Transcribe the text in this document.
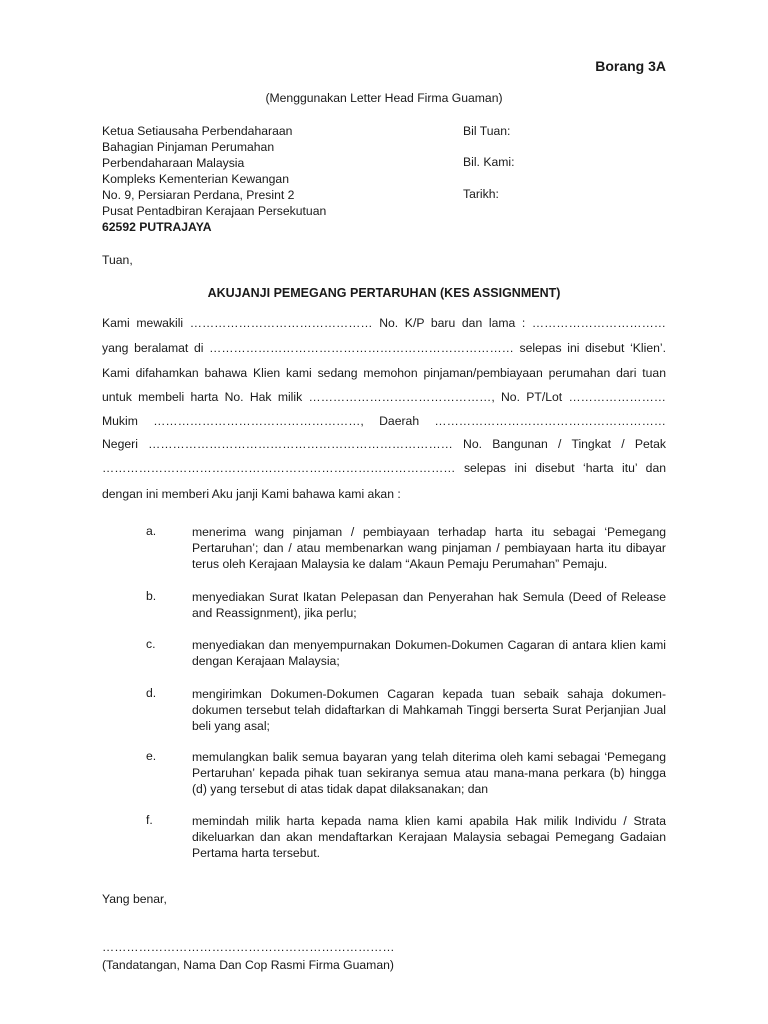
Borang 3A
(Menggunakan Letter Head Firma Guaman)
Ketua Setiausaha Perbendaharaan
Bahagian Pinjaman Perumahan
Perbendaharaan Malaysia
Kompleks Kementerian Kewangan
No. 9, Persiaran Perdana, Presint 2
Pusat Pentadbiran Kerajaan Persekutuan
62592 PUTRAJAYA
Bil Tuan:
Bil. Kami:
Tarikh:
Tuan,
AKUJANJI PEMEGANG PERTARUHAN (KES ASSIGNMENT)
Kami mewakili ……………………………………… No. K/P baru dan lama : ……………………………
yang beralamat di ………………………………………………………………… selepas ini disebut ‘Klien’.
Kami difahamkan bahawa Klien kami sedang memohon pinjaman/pembiayaan perumahan dari tuan
untuk membeli harta No. Hak milik ………………………………………, No. PT/Lot ……………………
Mukim ……………………………………………, Daerah …………………………………………………
Negeri ………………………………………………………………… No. Bangunan / Tingkat / Petak
…………………………………………………………………………… selepas ini disebut ‘harta itu’ dan
dengan ini memberi Aku janji Kami bahawa kami akan :
a.	menerima wang pinjaman / pembiayaan terhadap harta itu sebagai ‘Pemegang Pertaruhan’; dan / atau membenarkan wang pinjaman / pembiayaan harta itu dibayar terus oleh Kerajaan Malaysia ke dalam “Akaun Pemaju Perumahan” Pemaju.
b.	menyediakan Surat Ikatan Pelepasan dan Penyerahan hak Semula (Deed of Release and Reassignment), jika perlu;
c.	menyediakan dan menyempurnakan Dokumen-Dokumen Cagaran di antara klien kami dengan Kerajaan Malaysia;
d.	mengirimkan Dokumen-Dokumen Cagaran kepada tuan sebaik sahaja dokumen-dokumen tersebut telah didaftarkan di Mahkamah Tinggi berserta Surat Perjanjian Jual beli yang asal;
e.	memulangkan balik semua bayaran yang telah diterima oleh kami sebagai ‘Pemegang Pertaruhan’ kepada pihak tuan sekiranya semua atau mana-mana perkara (b) hingga (d) yang tersebut di atas tidak dapat dilaksanakan; dan
f.	memindah milik harta kepada nama klien kami apabila Hak milik Individu / Strata dikeluarkan dan akan mendaftarkan Kerajaan Malaysia sebagai Pemegang Gadaian Pertama harta tersebut.
Yang benar,
………………………………………………………………
(Tandatangan, Nama Dan Cop Rasmi Firma Guaman)
